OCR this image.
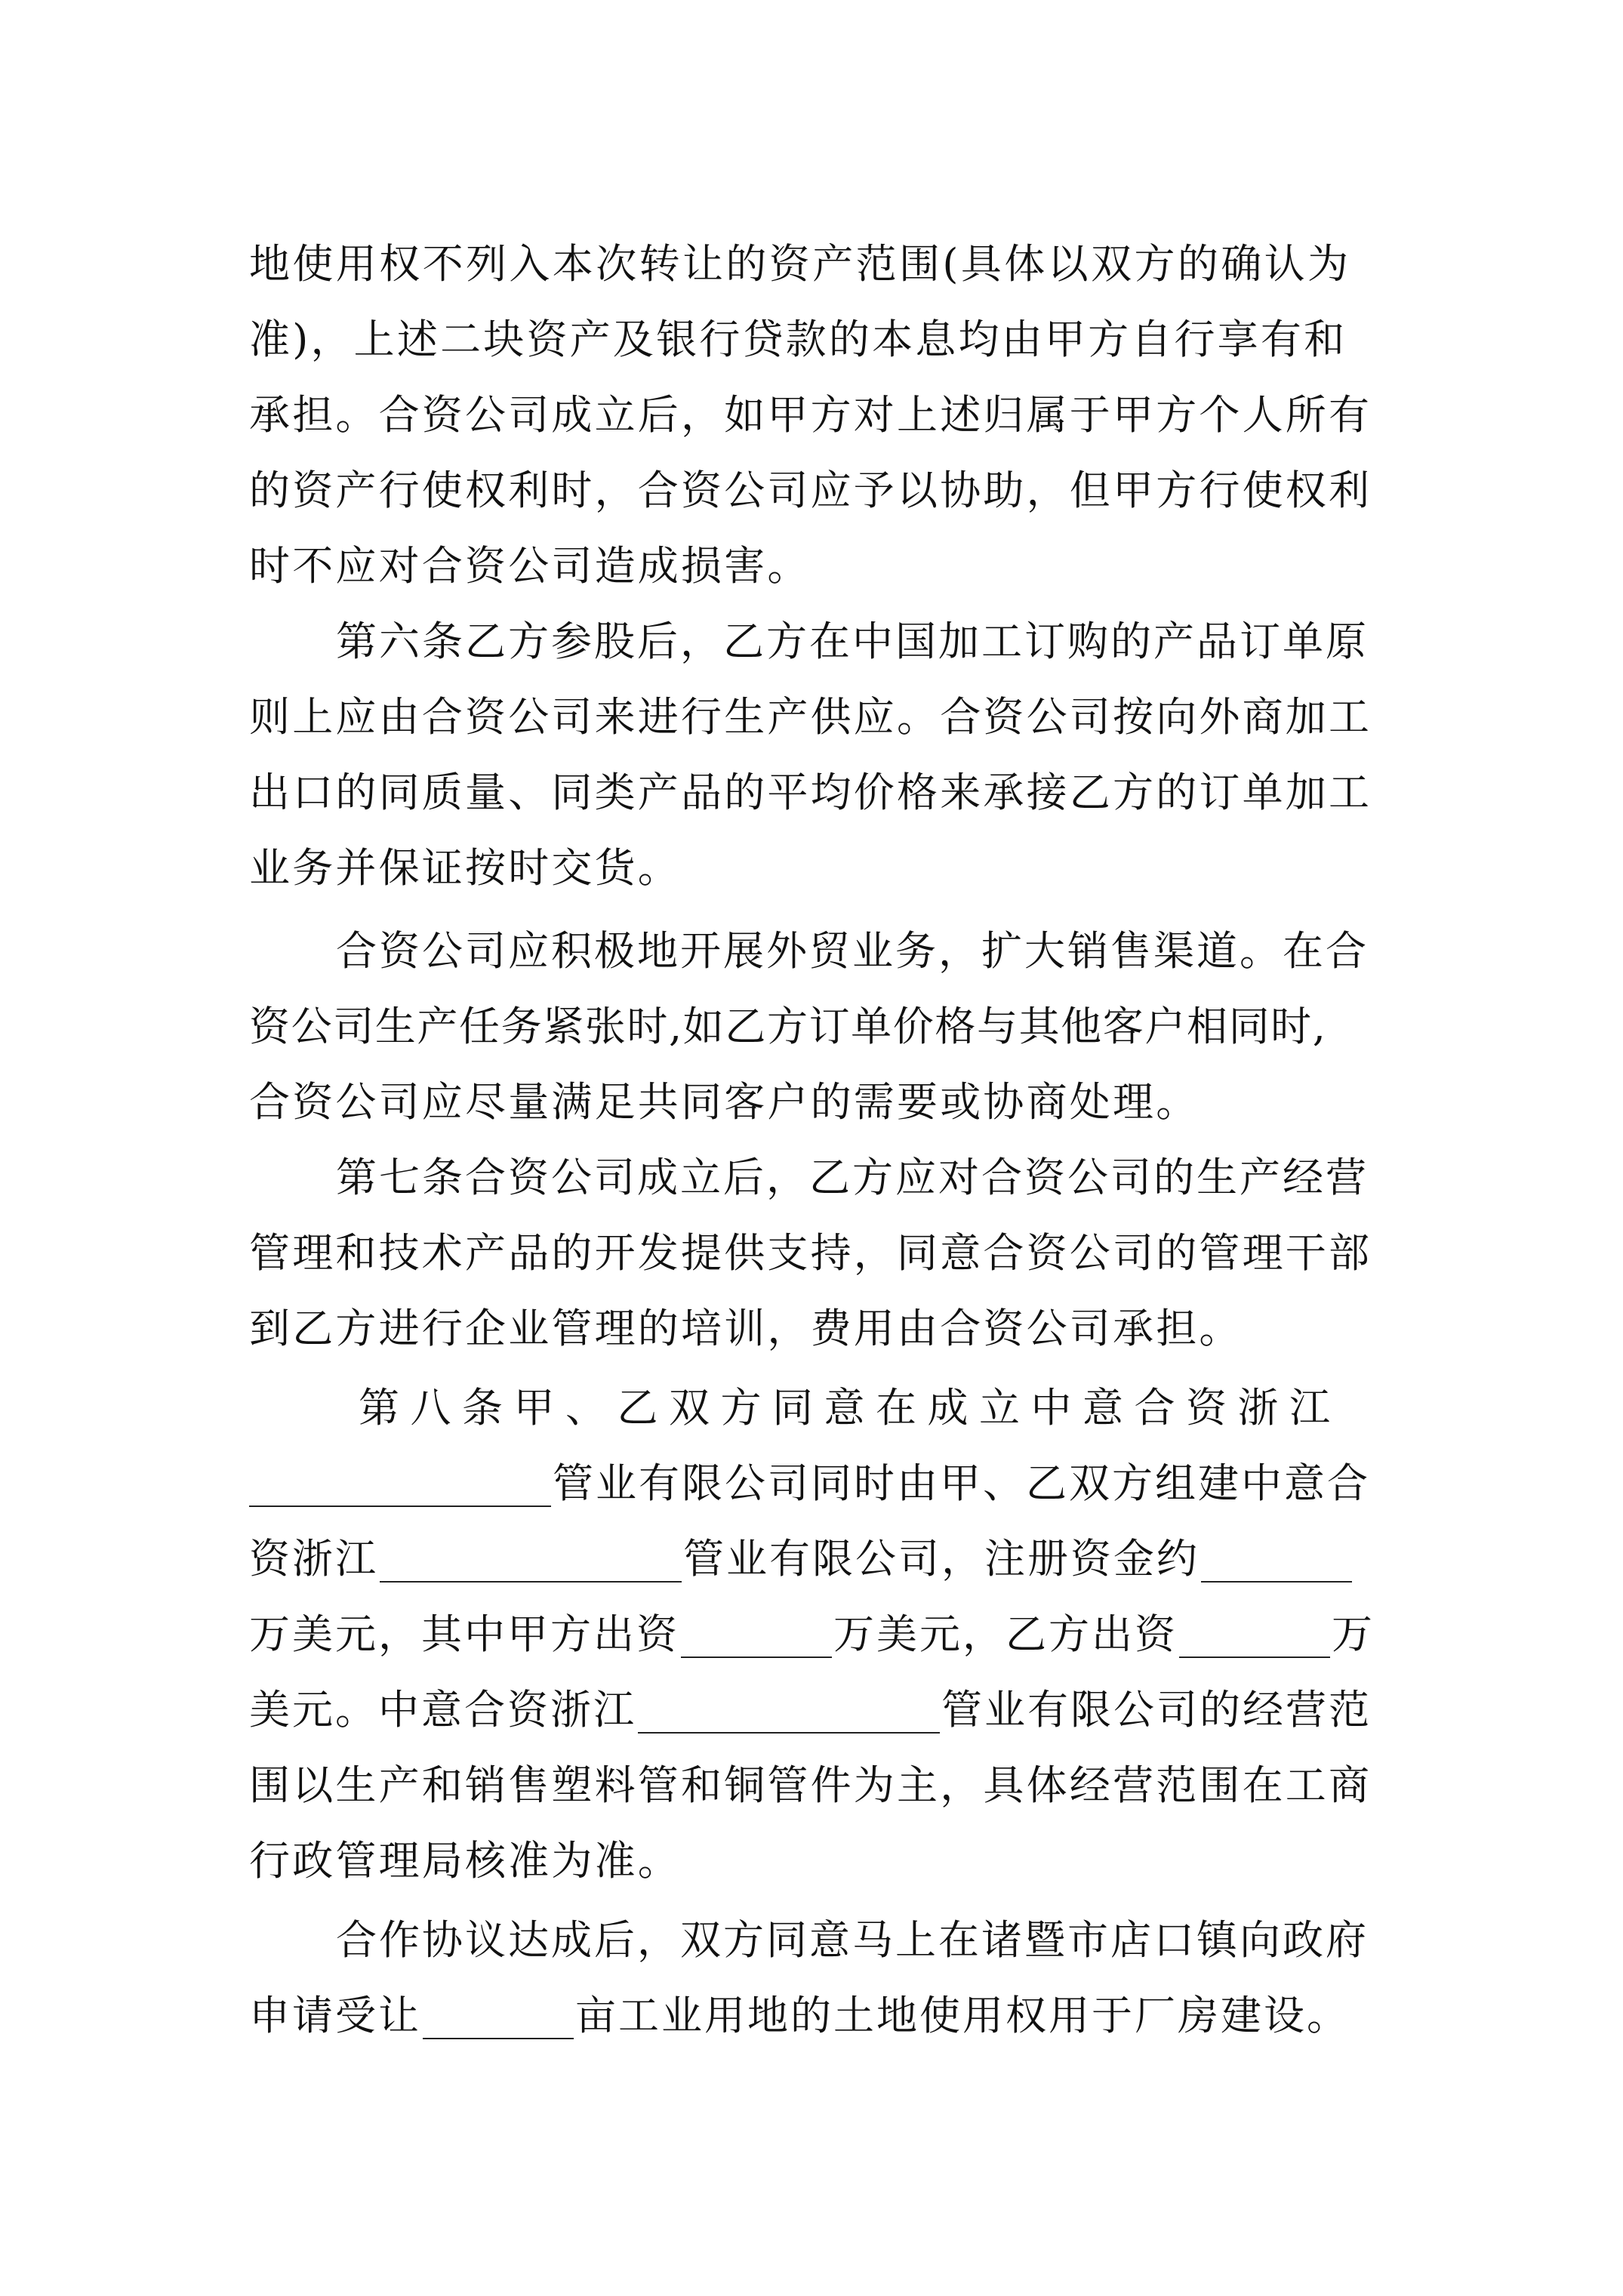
地使用权不列入本次转让的资产范围(具体以双方的确认为
准)，上述二块资产及银行贷款的本息均由甲方自行享有和
承担。合资公司成立后，如甲方对上述归属于甲方个人所有
的资产行使权利时，合资公司应予以协助，但甲方行使权利
时不应对合资公司造成损害。
第六条乙方参股后，乙方在中国加工订购的产品订单原
则上应由合资公司来进行生产供应。合资公司按向外商加工
出口的同质量、同类产品的平均价格来承接乙方的订单加工
业务并保证按时交货。
合资公司应积极地开展外贸业务，扩大销售渠道。在合
资公司生产任务紧张时,如乙方订单价格与其他客户相同时,
合资公司应尽量满足共同客户的需要或协商处理。
第七条合资公司成立后，乙方应对合资公司的生产经营
管理和技术产品的开发提供支持，同意合资公司的管理干部
到乙方进行企业管理的培训，费用由合资公司承担。
第八条甲、乙双方同意在成立中意合资浙江
管业有限公司同时由甲、乙双方组建中意合
资浙江	管业有限公司，注册资金约
万美元，其中甲方出资	万美元，乙方出资	万
美元。中意合资浙江	管业有限公司的经营范
围以生产和销售塑料管和铜管件为主，具体经营范围在工商
行政管理局核准为准。
合作协议达成后，双方同意马上在诸暨市店口镇向政府
申请受让	亩工业用地的土地使用权用于厂房建设。
